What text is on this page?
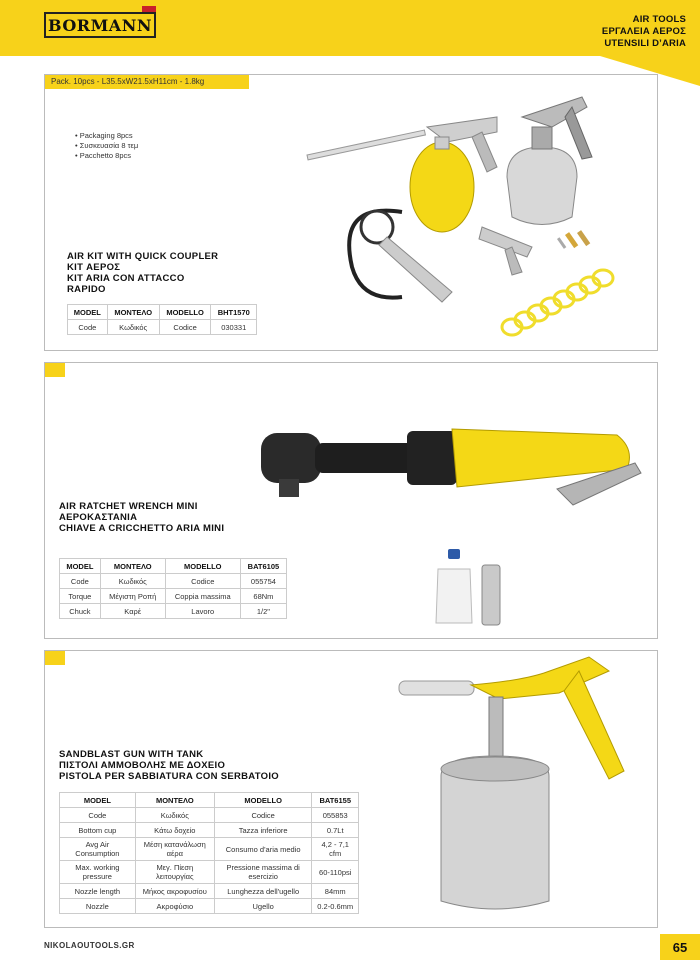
BORMANN	AIR TOOLS
ΕΡΓΑΛΕΙΑ ΑΕΡΟΣ
UTENSILI D’ARIA
Pack. 10pcs - L35.5xW21.5xH11cm - 1.8kg
• Packaging 8pcs
• Συσκευασία 8 τεμ
• Pacchetto 8pcs
AIR KIT WITH QUICK COUPLER
KIT ΑΕΡΟΣ
KIT ARIA CON ATTACCO
RAPIDO
MODEL	ΜΟΝΤΕΛΟ	MODELLO	BHT1570
Code	Κωδικός	Codice	030331
AIR RATCHET WRENCH MINI
ΑΕΡΟΚΑΣΤΑΝΙΑ
CHIAVE A CRICCHETTO ARIA MINI
MODEL	ΜΟΝΤΕΛΟ	MODELLO	BAT6105
Code	Κωδικός	Codice	055754
Torque	Μέγιστη Ροπή	Coppia massima	68Nm
Chuck	Καρέ	Lavoro	1/2"
SANDBLAST GUN WITH TANK
ΠΙΣΤΟΛΙ ΑΜΜΟΒΟΛΗΣ ΜΕ ΔΟΧΕΙΟ
PISTOLA PER SABBIATURA CON SERBATOIO
MODEL	ΜΟΝΤΕΛΟ	MODELLO	BAT6155
Code	Κωδικός	Codice	055853
Bottom cup	Κάτω δοχείο	Tazza inferiore	0.7Lt
Avg Air Consumption	Μέση κατανάλωση αέρα	Consumo d'aria medio	4,2 - 7,1 cfm
Max. working pressure	Μεγ. Πίεση λειτουργίας	Pressione massima di esercizio	60-110psi
Nozzle length	Μήκος ακροφυσίου	Lunghezza dell'ugello	84mm
Nozzle	Ακροφύσιο	Ugello	0.2-0.6mm
NIKOLAOUTOOLS.GR	65
